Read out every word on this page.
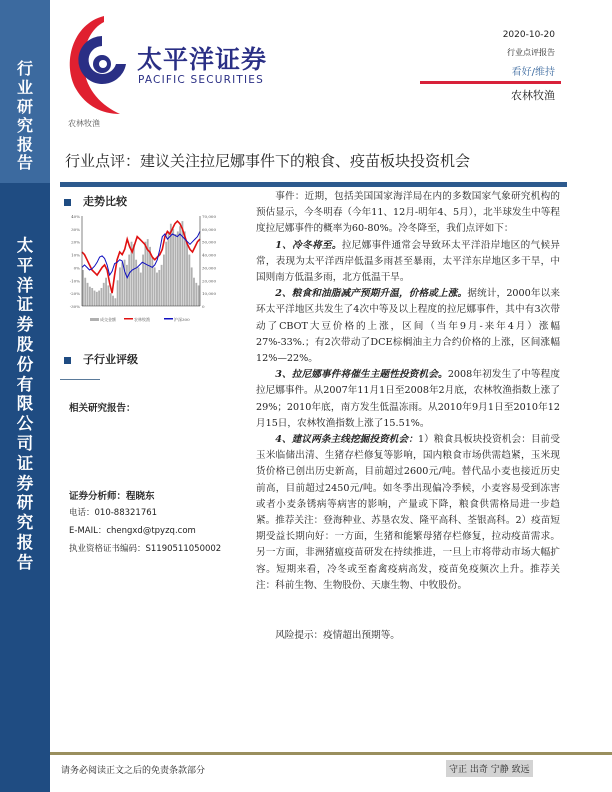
行
业
研
究
报
告
太
平
洋
证
券
股
份
有
限
公
司
证
券
研
究
报
告
太平洋证券
PACIFIC SECURITIES
2020-10-20
行业点评报告
看好/维持
农林牧渔
农林牧渔
行业点评：建议关注拉尼娜事件下的粮食、疫苗板块投资机会
走势比较
-30%
-20%
-10%
0%
10%
20%
30%
40%
0
10,000
20,000
30,000
40,000
50,000
60,000
70,000
成交金额	农林牧渔	沪深300
子行业评级
相关研究报告：
证券分析师：程晓东
电话：010-88321761
E-MAIL：chengxd@tpyzq.com
执业资格证书编码：S1190511050002

事件：近期，包括美国国家海洋局在内的多数国家气象研究机构的预估显示，今冬明春（今年11、12月-明年4、5月），北半球发生中等程度拉尼娜事件的概率为60-80%。冷冬降至，我们点评如下：

1、冷冬将至。拉尼娜事件通常会导致环太平洋沿岸地区的气候异常，表现为太平洋西岸低温多雨甚至暴雨，太平洋东岸地区多干旱，中国则南方低温多雨，北方低温干旱。

2、粮食和油脂减产预期升温，价格或上涨。据统计，2000年以来环太平洋地区共发生了4次中等及以上程度的拉尼娜事件，其中有3次带动了CBOT大豆价格的上涨，区间（当年9月-来年4月）涨幅27%-33%.；有2次带动了DCE棕榈油主力合约价格的上涨，区间涨幅12%—22%。

3、拉尼娜事件将催生主题性投资机会。2008年初发生了中等程度拉尼娜事件。从2007年11月1日至2008年2月底，农林牧渔指数上涨了29%；2010年底，南方发生低温冻雨。从2010年9月1日至2010年12月15日，农林牧渔指数上涨了15.51%。

4、建议两条主线挖掘投资机会：1）粮食具板块投资机会：目前受玉米临储出清、生猪存栏修复等影响，国内粮食市场供需趋紧，玉米现货价格已创出历史新高，目前超过2600元/吨。替代品小麦也接近历史前高，目前超过2450元/吨。如冬季出现偏冷季候，小麦容易受到冻害或者小麦条锈病等病害的影响，产量或下降，粮食供需格局进一步趋紧。推荐关注：登海种业、苏垦农发、隆平高科、荃银高科。2）疫苗短期受益长期向好：一方面，生猪和能繁母猪存栏修复，拉动疫苗需求。另一方面，非洲猪瘟疫苗研发在持续推进，一旦上市将带动市场大幅扩容。短期来看，冷冬或至畜禽疫病高发，疫苗免疫频次上升。推荐关注：科前生物、生物股份、天康生物、中牧股份。

风险提示：疫情超出预期等。

请务必阅读正文之后的免责条款部分	守正 出奇 宁静 致远
